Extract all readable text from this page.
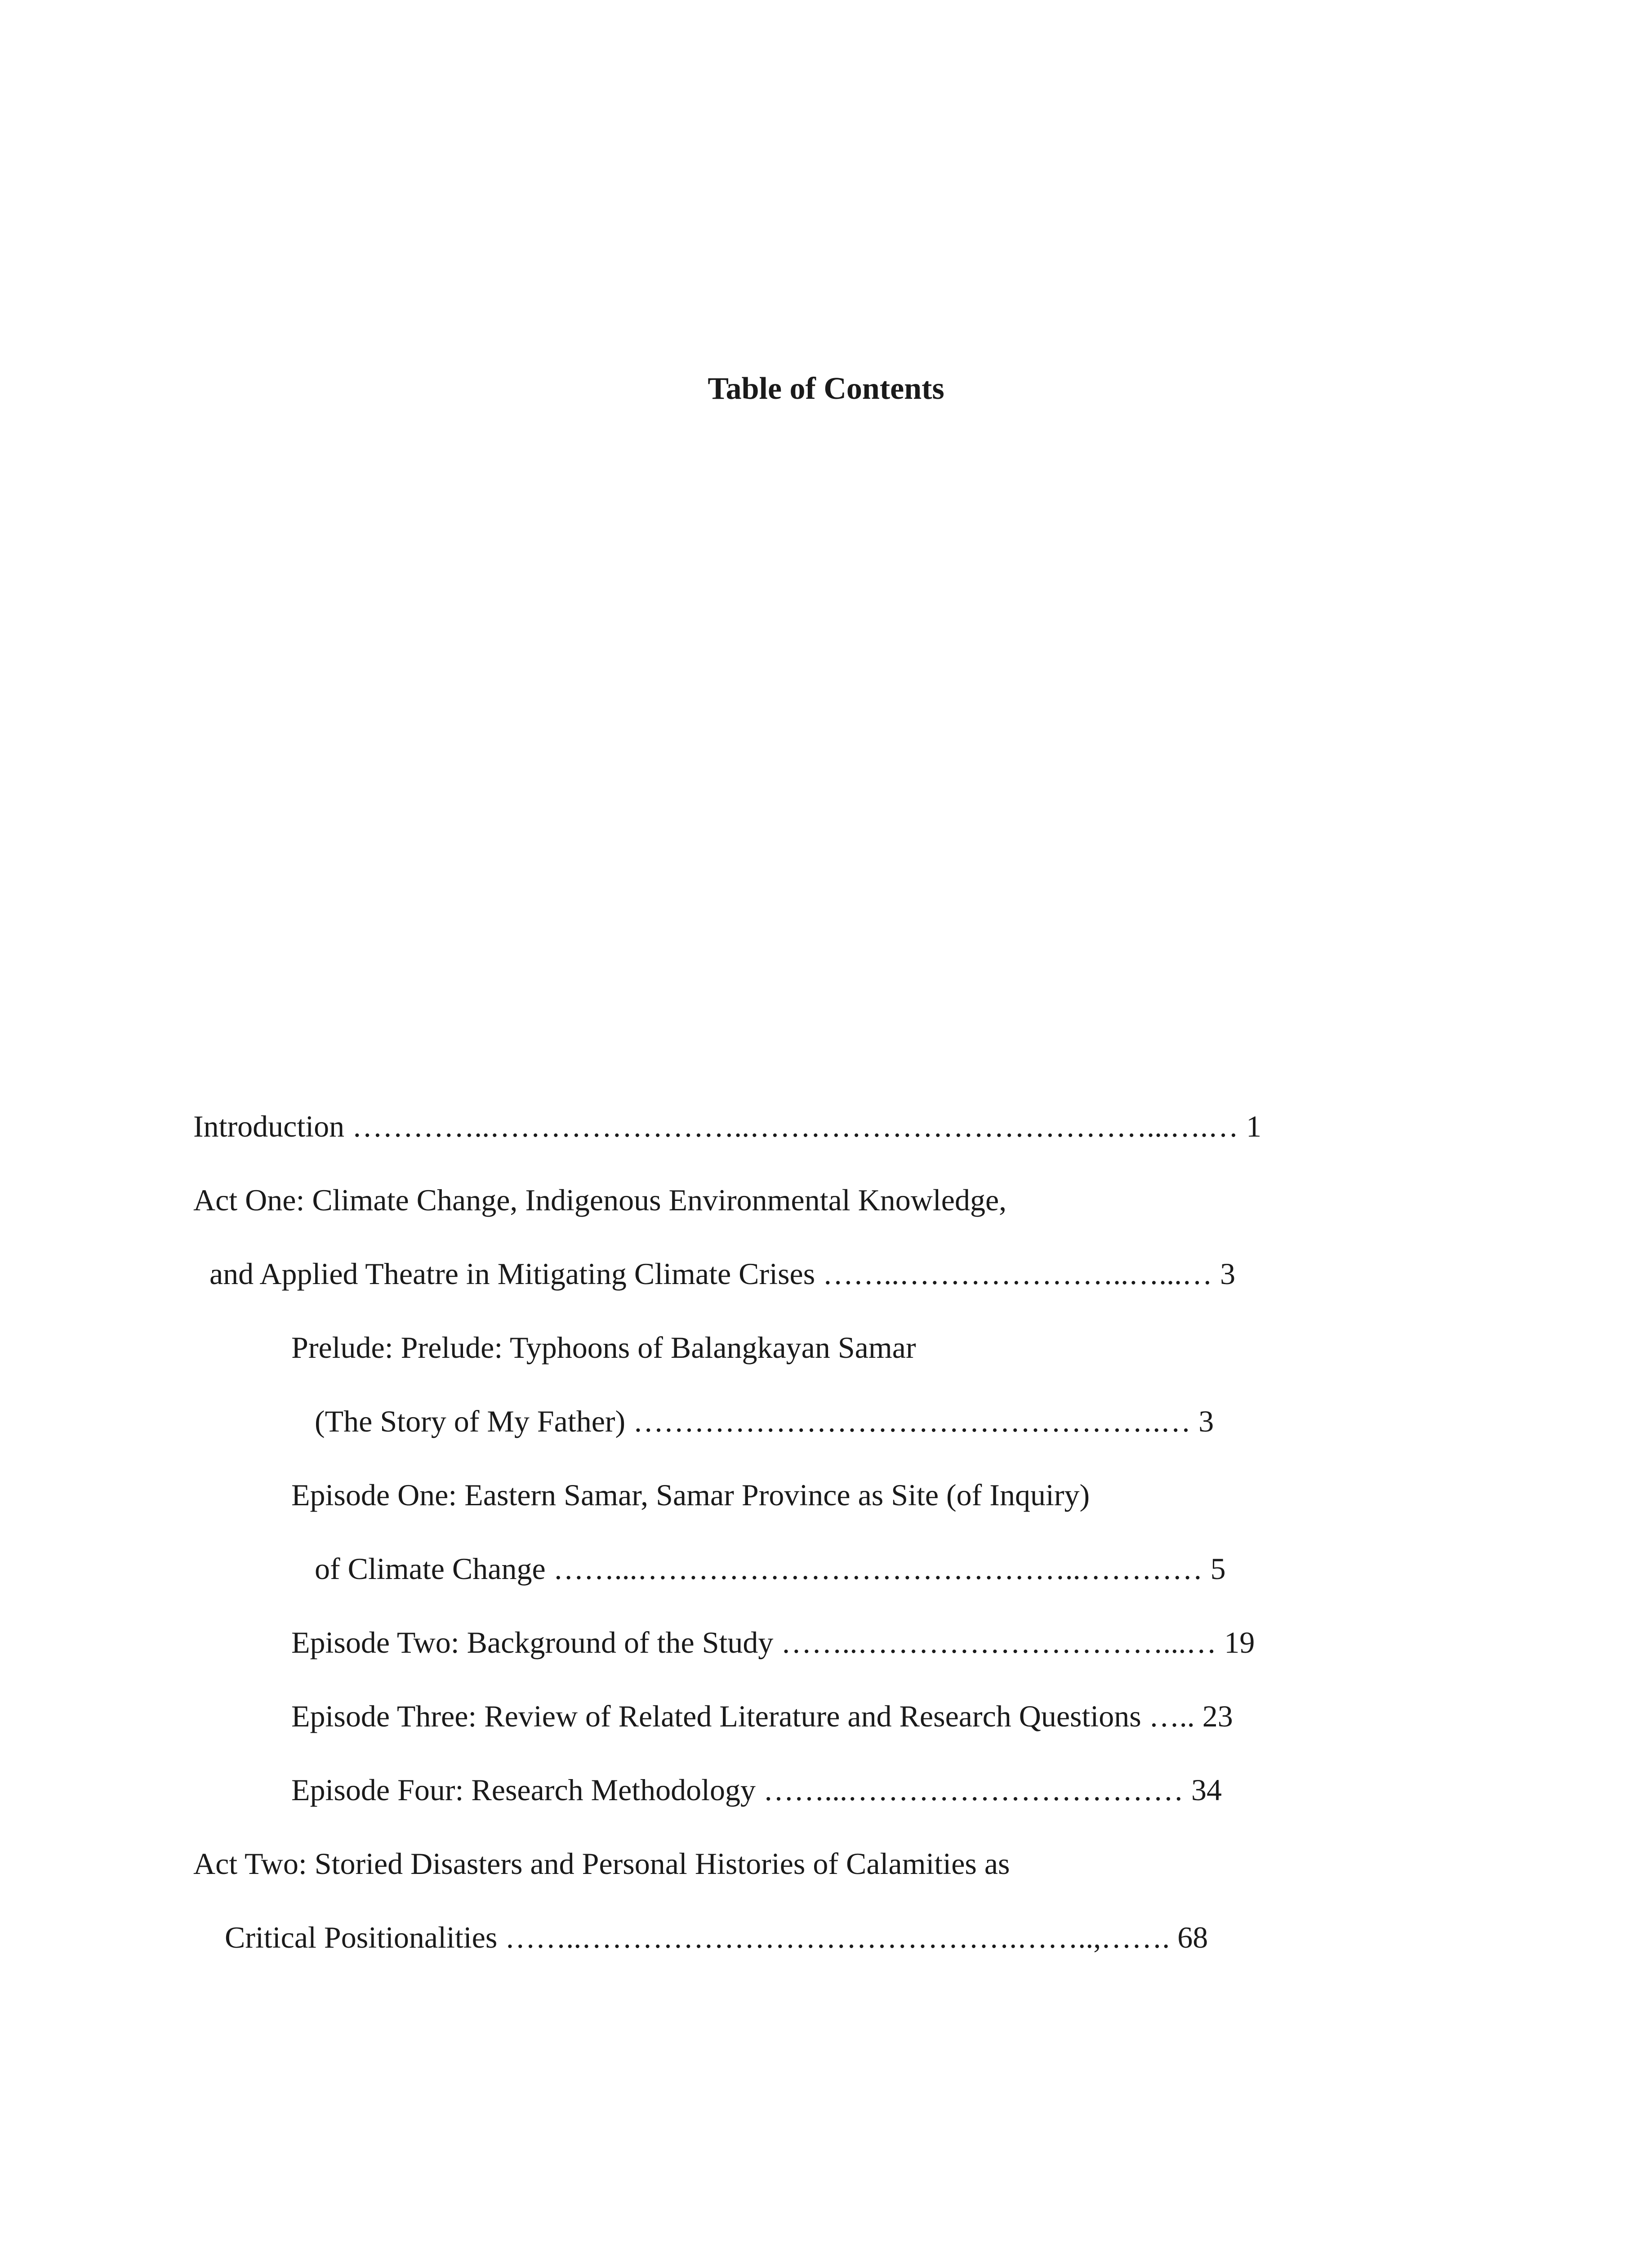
Table of Contents
Introduction …………..……………………..…………………………………...….… 1
Act One: Climate Change, Indigenous Environmental Knowledge,
and Applied Theatre in Mitigating Climate Crises ……..…………………..…...… 3
Prelude: Prelude: Typhoons of Balangkayan Samar
(The Story of My Father) …………………………………………….… 3
Episode One: Eastern Samar, Samar Province as Site (of Inquiry)
of Climate Change ……...……………………………………..………… 5
Episode Two: Background of the Study ……..…………………………...… 19
Episode Three: Review of Related Literature and Research Questions ….. 23
Episode Four: Research Methodology ……...…………………………… 34
Act Two: Storied Disasters and Personal Histories of Calamities as
Critical Positionalities ……..…………………………………….……..,……. 68
